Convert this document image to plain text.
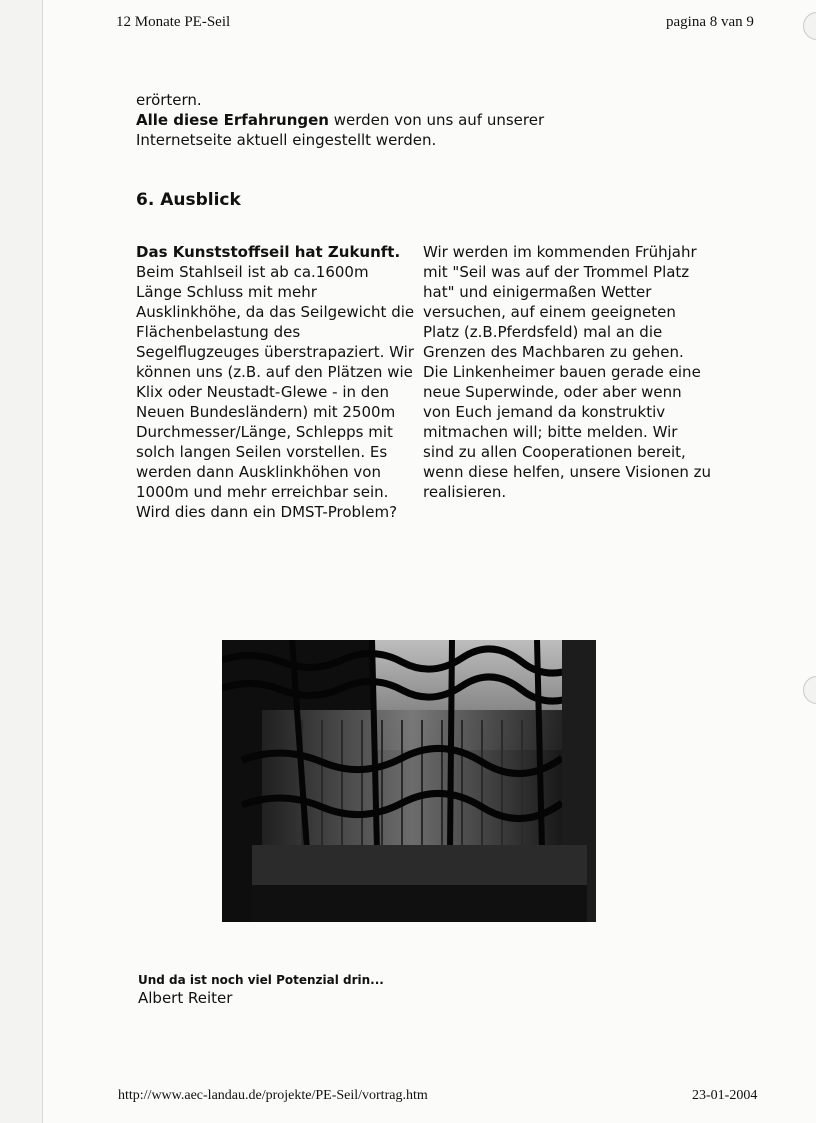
12 Monate PE-Seil	pagina 8 van 9
erörtern.
Alle diese Erfahrungen werden von uns auf unserer
Internetseite aktuell eingestellt werden.
6. Ausblick
Das Kunststoffseil hat Zukunft.
Beim Stahlseil ist ab ca.1600m Länge Schluss mit mehr Ausklinkhöhe, da das Seilgewicht die Flächenbelastung des Segelflugzeuges überstrapaziert. Wir können uns (z.B. auf den Plätzen wie Klix oder Neustadt-Glewe - in den Neuen Bundesländern) mit 2500m Durchmesser/Länge, Schlepps mit solch langen Seilen vorstellen. Es werden dann Ausklinkhöhen von 1000m und mehr erreichbar sein. Wird dies dann ein DMST-Problem?
Wir werden im kommenden Frühjahr mit "Seil was auf der Trommel Platz hat" und einigermaßen Wetter versuchen, auf einem geeigneten Platz (z.B.Pferdsfeld) mal an die Grenzen des Machbaren zu gehen. Die Linkenheimer bauen gerade eine neue Superwinde, oder aber wenn von Euch jemand da konstruktiv mitmachen will; bitte melden. Wir sind zu allen Cooperationen bereit, wenn diese helfen, unsere Visionen zu realisieren.
Und da ist noch viel Potenzial drin...
Albert Reiter
http://www.aec-landau.de/projekte/PE-Seil/vortrag.htm	23-01-2004
